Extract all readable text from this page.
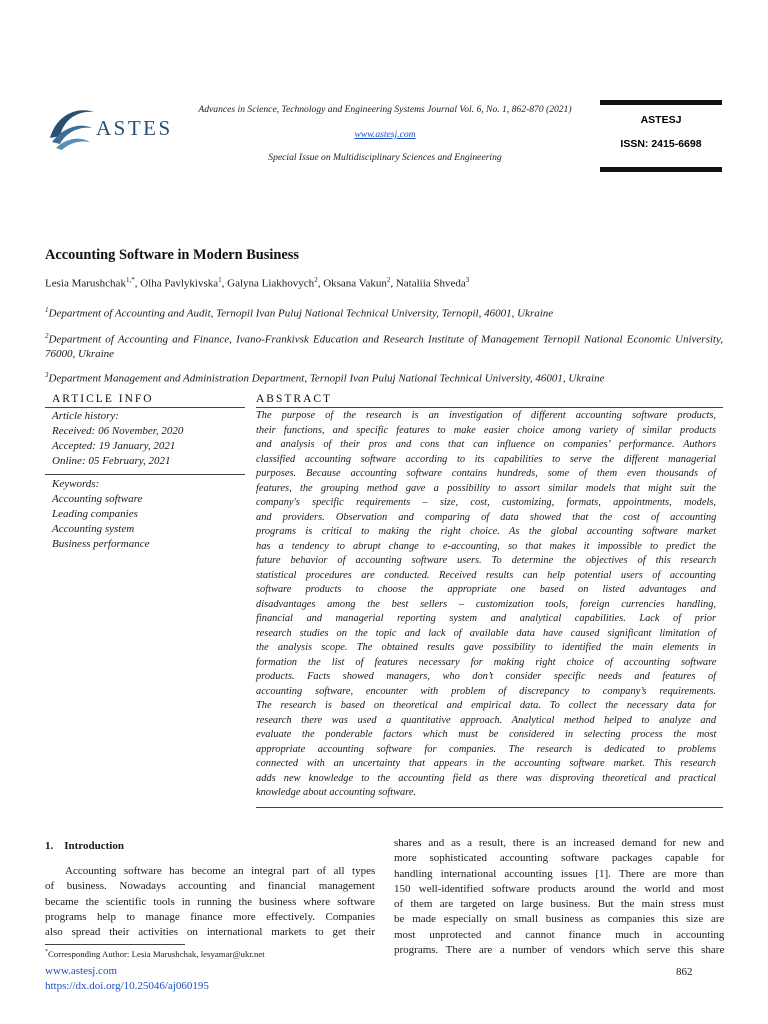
ASTES
Advances in Science, Technology and Engineering Systems Journal Vol. 6, No. 1, 862-870 (2021)
www.astesj.com
Special Issue on Multidisciplinary Sciences and Engineering
ASTESJ
ISSN: 2415-6698
Accounting Software in Modern Business
Lesia Marushchak$^{1,*}$, Olha Pavlykivska$^1$, Galyna Liakhovych$^2$, Oksana Vakun$^2$, Nataliia Shveda$^3$
$^1$Department of Accounting and Audit, Ternopil Ivan Puluj National Technical University, Ternopil, 46001, Ukraine
$^2$Department of Accounting and Finance, Ivano-Frankivsk Education and Research Institute of Management Ternopil National Economic University, 76000, Ukraine
$^3$Department Management and Administration Department, Ternopil Ivan Puluj National Technical University, 46001, Ukraine
ARTICLE INFO
Article history:
Received: 06 November, 2020
Accepted: 19 January, 2021
Online: 05 February, 2021
Keywords:
Accounting software
Leading companies
Accounting system
Business performance
ABSTRACT
The purpose of the research is an investigation of different accounting software products,
their functions, and specific features to make easier choice among variety of similar products
and analysis of their pros and cons that can influence on companies’ performance. Authors
classified accounting software according to its capabilities to serve the different managerial
purposes. Because accounting software contains hundreds, some of them even thousands of
features, the grouping method gave a possibility to assort similar models that might suit the
company's specific requirements – size, cost, customizing, formats, appointments, models,
and providers. Observation and comparing of data showed that the cost of accounting
programs is critical to making the right choice. As the global accounting software market
has a tendency to abrupt change to e-accounting, so that makes it impossible to predict the
future behavior of accounting software users. To determine the objectives of this research
statistical procedures are conducted. Received results can help potential users of accounting
software products to choose the appropriate one based on listed advantages and
disadvantages among the best sellers – customization tools, foreign currencies handling,
financial and managerial reporting system and analytical capabilities. Lack of prior
research studies on the topic and lack of available data have caused significant limitation of
the analysis scope. The obtained results gave possibility to identified the main elements in
formation the list of features necessary for making right choice of accounting software
products. Facts showed managers, who don’t consider specific needs and features of
accounting software, encounter with problem of discrepancy to company’s requirements.
The research is based on theoretical and empirical data. To collect the necessary data for
research there was used a quantitative approach. Analytical method helped to analyze and
evaluate the ponderable factors which must be considered in selecting process the most
appropriate accounting software for companies. The research is dedicated to problems
connected with an uncertainty that appears in the accounting software market. This research
adds new knowledge to the accounting field as there was disproving theoretical and practical
knowledge about accounting software.
1. Introduction
Accounting software has become an integral part of all types
of business. Nowadays accounting and financial management
became the scientific tools in running the business where software
programs help to manage finance more effectively. Companies
also spread their activities on international markets to get their
*Corresponding Author: Lesia Marushchak, lesyamar@ukr.net
shares and as a result, there is an increased demand for new and
more sophisticated accounting software packages capable for
handling international accounting issues [1]. There are more than
150 well-identified software products around the world and most
of them are targeted on large business. But the main stress must
be made especially on small business as companies this size are
most unprotected and cannot finance much in accounting
programs. There are a number of vendors which serve this share
www.astesj.com
https://dx.doi.org/10.25046/aj060195
862
